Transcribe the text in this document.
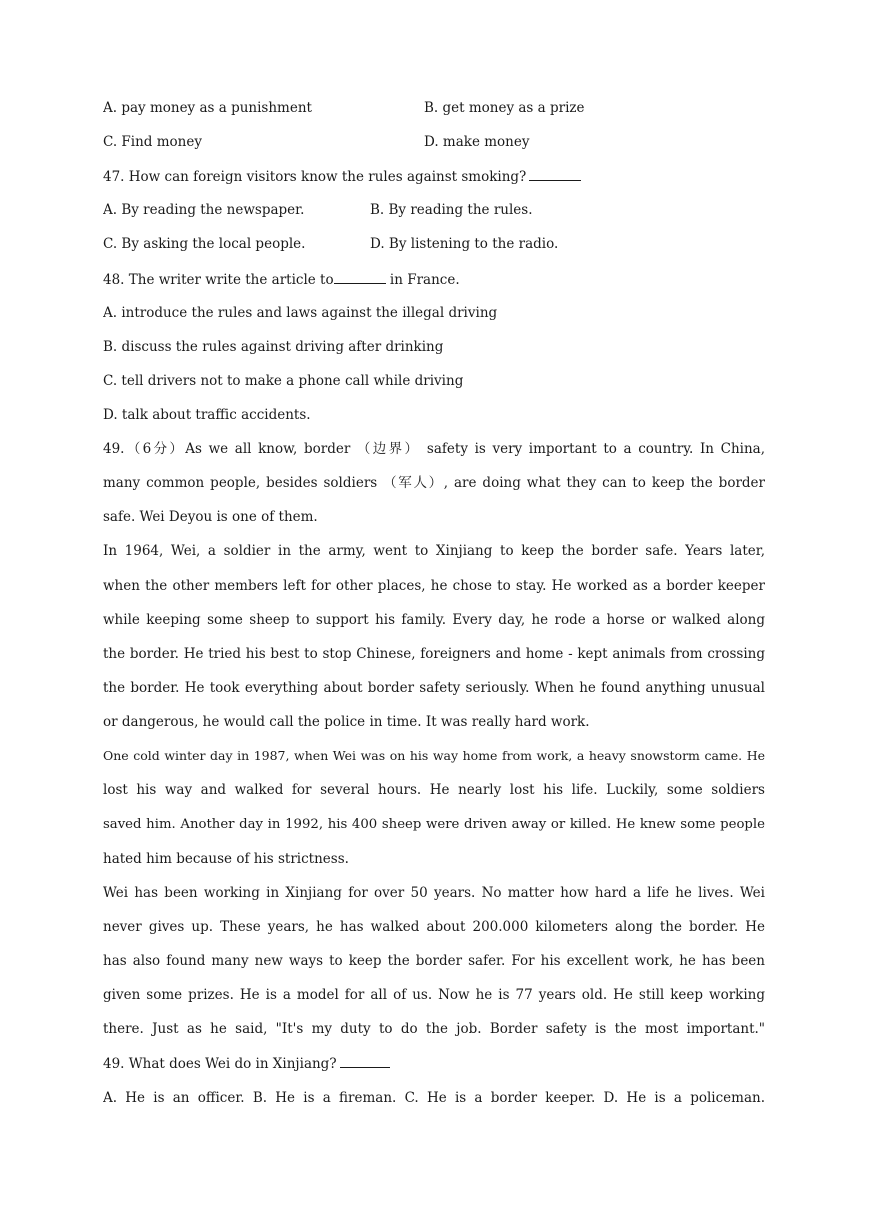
A. pay money as a punishment	B. get money as a prize
C. Find money	D. make money
47. How can foreign visitors know the rules against smoking?
A. By reading the newspaper.	B. By reading the rules.
C. By asking the local people.	D. By listening to the radio.
48. The writer write the article to	in France.
A. introduce the rules and laws against the illegal driving
B. discuss the rules against driving after drinking
C. tell drivers not to make a phone call while driving
D. talk about traffic accidents.
49.（6分）As we all know, border （边界） safety is very important to a country. In China,
many common people, besides soldiers （军人）, are doing what they can to keep the border
safe. Wei Deyou is one of them.
In 1964, Wei, a soldier in the army, went to Xinjiang to keep the border safe. Years later,
when the other members left for other places, he chose to stay. He worked as a border keeper
while keeping some sheep to support his family. Every day, he rode a horse or walked along
the border. He tried his best to stop Chinese, foreigners and home - kept animals from crossing
the border. He took everything about border safety seriously. When he found anything unusual
or dangerous, he would call the police in time. It was really hard work.
One cold winter day in 1987, when Wei was on his way home from work, a heavy snowstorm came. He
lost his way and walked for several hours. He nearly lost his life. Luckily, some soldiers
saved him. Another day in 1992, his 400 sheep were driven away or killed. He knew some people
hated him because of his strictness.
Wei has been working in Xinjiang for over 50 years. No matter how hard a life he lives. Wei
never gives up. These years, he has walked about 200.000 kilometers along the border. He
has also found many new ways to keep the border safer. For his excellent work, he has been
given some prizes. He is a model for all of us. Now he is 77 years old. He still keep working
there. Just as he said, "It's my duty to do the job. Border safety is the most important."
49. What does Wei do in Xinjiang?
A. He is an officer. B. He is a fireman. C. He is a border keeper. D. He is a policeman.
